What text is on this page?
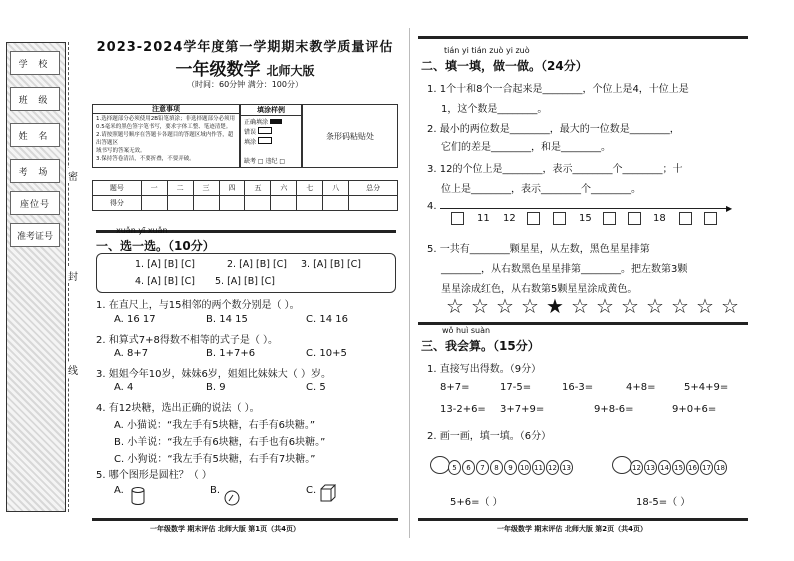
学 校
班 级
姓 名
考 场
座位号
准考证号
密
封
线
2023-2024学年度第一学期期末教学质量评估
一年级数学 北师大版
（时间：60分钟 满分：100分）
注意事项
1.选择题部分必须使用2B铅笔填涂；非选择题部分必须用
0.5毫米的黑色签字笔书写，要求字体工整、笔迹清楚。
2.请按照题号顺序在答题卡各题目的答题区域内作答，超出答题区
域书写的答案无效。
3.保持答卷清洁，不要折叠，不要弄破。
填涂样例
正确填涂
错误
填涂
缺考 □ 违纪 □
条形码粘贴处
题号	一	二	三	四	五	六	七	八	总分
得分									
xuǎn yī xuǎn
一、选一选。（10分）
1. [A] [B] [C]	2. [A] [B] [C] 3. [A] [B] [C]
4. [A] [B] [C] 5. [A] [B] [C]
1. 在直尺上，与15相邻的两个数分别是（ ）。
A. 16 17	B. 14 15	C. 14 16
2. 和算式7+8得数不相等的式子是（ ）。
A. 8+7	B. 1+7+6	C. 10+5
3. 姐姐今年10岁，妹妹6岁，姐姐比妹妹大（ ）岁。
A. 4	B. 9	C. 5
4. 有12块糖，选出正确的说法（ ）。
A. 小猫说：“我左手有5块糖，右手有6块糖。”
B. 小羊说：“我左手有6块糖，右手也有6块糖。”
C. 小狗说：“我左手有5块糖，右手有7块糖。”
5. 哪个图形是圆柱？（ ）
A.	B.	C.
一年级数学 期末评估 北师大版 第1页（共4页）
tián yi tián zuò yi zuò
二、填一填，做一做。（24分）
1. 1个十和8个一合起来是________，个位上是4，十位上是
1，这个数是________。
2. 最小的两位数是________，最大的一位数是________，
它们的差是________，和是________。
3. 12的个位上是________，表示________个________；十
位上是________，表示________个________。
4.	▶
11 12	15	18
5. 一共有________颗星星，从左数，黑色星星排第
________，从右数黑色星星排第________。把左数第3颗
星星涂成红色，从右数第5颗星星涂成黄色。
☆ ☆ ☆ ☆ ★ ☆ ☆ ☆ ☆ ☆ ☆ ☆
wǒ huì suàn
三、我会算。（15分）
1. 直接写出得数。（9分）
8+7=	17-5=	16-3=	4+8=	5+4+9=
13-2+6= 3+7+9=	9+8-6=	9+0+6=
2. 画一画，填一填。（6分）
5	6	7	8	9	10 11 12 13	12 13 14 15 16 17 18
5+6=（ ）	18-5=（ ）
一年级数学 期末评估 北师大版 第2页（共4页）
